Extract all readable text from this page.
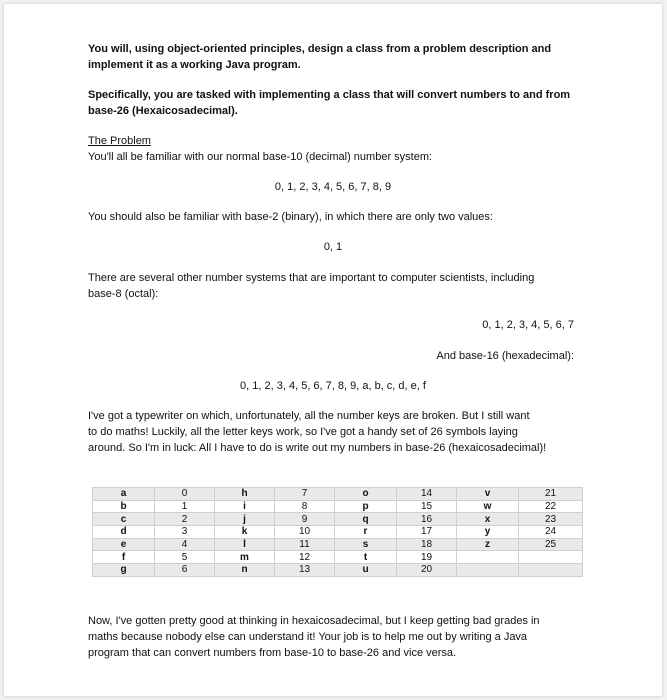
You will, using object-oriented principles, design a class from a problem description and
implement it as a working Java program.
Specifically, you are tasked with implementing a class that will convert numbers to and from
base-26 (Hexaicosadecimal).
The Problem
You'll all be familiar with our normal base-10 (decimal) number system:
0, 1, 2, 3, 4, 5, 6, 7, 8, 9
You should also be familiar with base-2 (binary), in which there are only two values:
0, 1
There are several other number systems that are important to computer scientists, including
base-8 (octal):
0, 1, 2, 3, 4, 5, 6, 7
And base-16 (hexadecimal):
0, 1, 2, 3, 4, 5, 6, 7, 8, 9, a, b, c, d, e, f
I've got a typewriter on which, unfortunately, all the number keys are broken. But I still want
to do maths! Luckily, all the letter keys work, so I've got a handy set of 26 symbols laying
around. So I'm in luck: All I have to do is write out my numbers in base-26 (hexaicosadecimal)!
a	0	h	7	o	14	v	21
b	1	i	8	p	15	w	22
c	2	j	9	q	16	x	23
d	3	k	10	r	17	y	24
e	4	l	11	s	18	z	25
f	5	m	12	t	19		
g	6	n	13	u	20		
Now, I've gotten pretty good at thinking in hexaicosadecimal, but I keep getting bad grades in
maths because nobody else can understand it! Your job is to help me out by writing a Java
program that can convert numbers from base-10 to base-26 and vice versa.
